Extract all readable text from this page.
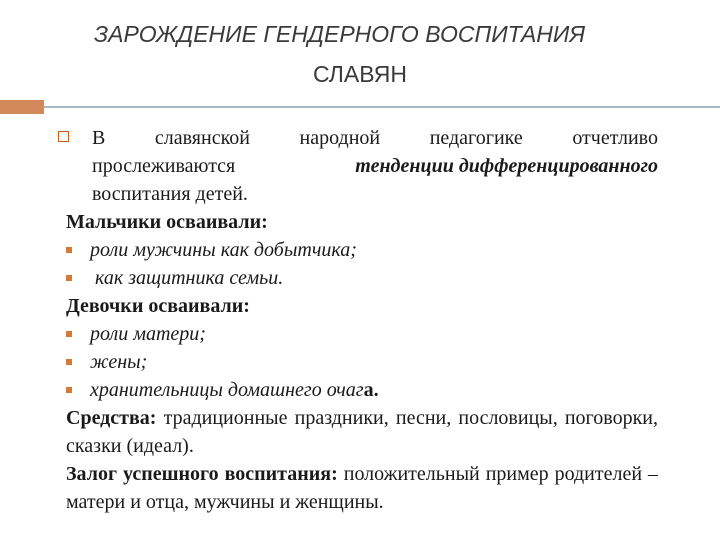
ЗАРОЖДЕНИЕ ГЕНДЕРНОГО ВОСПИТАНИЯ
СЛАВЯН
В славянской народной педагогике отчетливо
прослеживаются	тенденции дифференцированного
воспитания детей.
Мальчики осваивали:
роли мужчины как добытчика;
как защитника семьи.
Девочки осваивали:
роли матери;
жены;
хранительницы домашнего очага.
Средства: традиционные праздники, песни, пословицы, поговорки, сказки (идеал).
Залог успешного воспитания: положительный пример родителей – матери и отца, мужчины и женщины.
